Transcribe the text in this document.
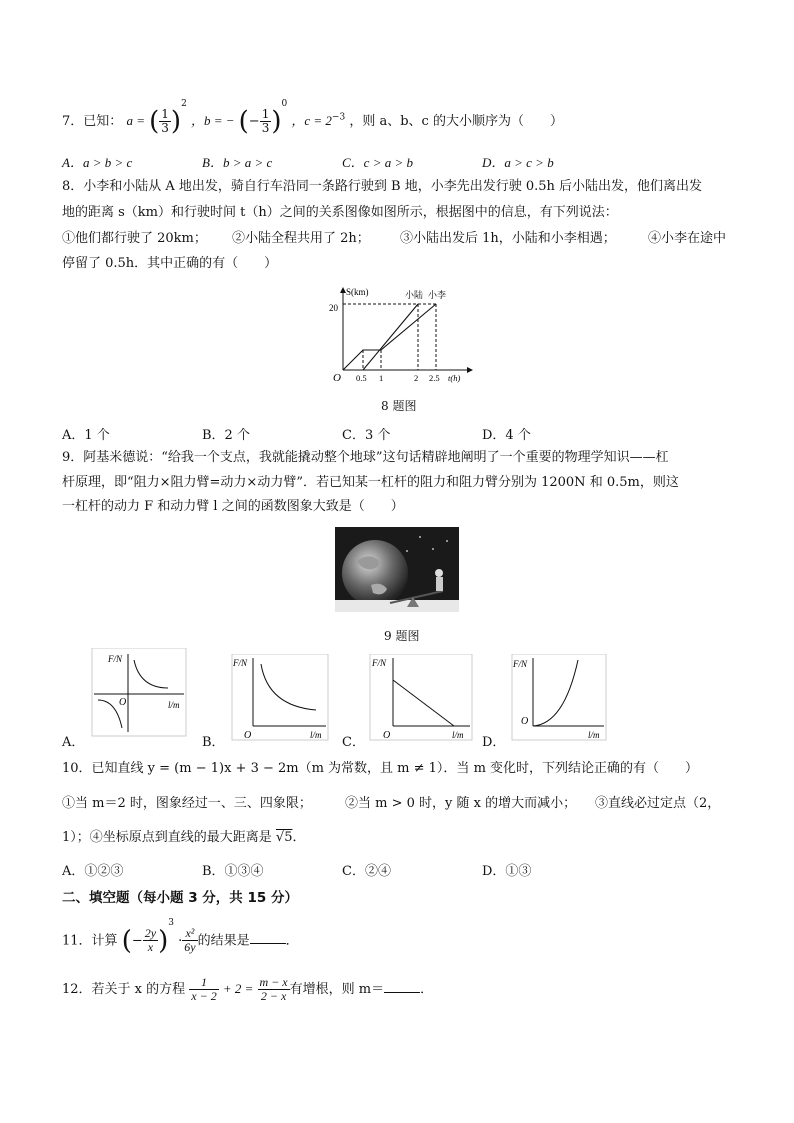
7．已知： a = ( $\frac{1}{3} )^2$ ，b = − (− $\frac{1}{3} )^0$ ，$c = 2^{-3}$ ，则 a、b、c 的大小顺序为（　　）
A．a > b > c	B．b > a > c	C．c > a > b	D．a > c > b
8．小李和小陆从 A 地出发，骑自行车沿同一条路行驶到 B 地，小李先出发行驶 0.5h 后小陆出发，他们离出发
地的距离 s（km）和行驶时间 t（h）之间的关系图像如图所示，根据图中的信息，有下列说法：
①他们都行驶了 20km； ②小陆全程共用了 2h； ③小陆出发后 1h，小陆和小李相遇； ④小李在途中
停留了 0.5h．其中正确的有（　　）
S(km)
t(h)
O
20
0.5 1	2 2.5
小陆 小李
8 题图
A．1 个	B．2 个	C．3 个	D．4 个
9．阿基米德说：“给我一个支点，我就能撬动整个地球”这句话精辟地阐明了一个重要的物理学知识——杠
杆原理，即“阻力×阻力臂=动力×动力臂”．若已知某一杠杆的阻力和阻力臂分别为 1200N 和 0.5m，则这
一杠杆的动力 F 和动力臂 l 之间的函数图象大致是（　　）
9 题图
F/N
l/m
O
A．
F/N
l/m
O
B．
F/N
l/m
O
C．
F/N
l/m
O
D．
10．已知直线 y = (m − 1)x + 3 − 2m（m 为常数，且 m ≠ 1）．当 m 变化时，下列结论正确的有（　　）
①当 m＝2 时，图象经过一、三、四象限；	②当 m > 0 时，y 随 x 的增大而减小； ③直线必过定点（2，
1）；④坐标原点到直线的最大距离是 √5．
A．①②③	B．①③④	C．②④	D．①③
二、填空题（每小题 3 分，共 15 分）
11．计算 (− $\frac{2y}{x} )^3 \cdot \frac{\text{x²}}{6y}$ 的结果是	．
12．若关于 x 的方程 $\frac{1}{x - 2} + 2 = \frac{m - x}{2 - x}$ 有增根，则 m＝	．
